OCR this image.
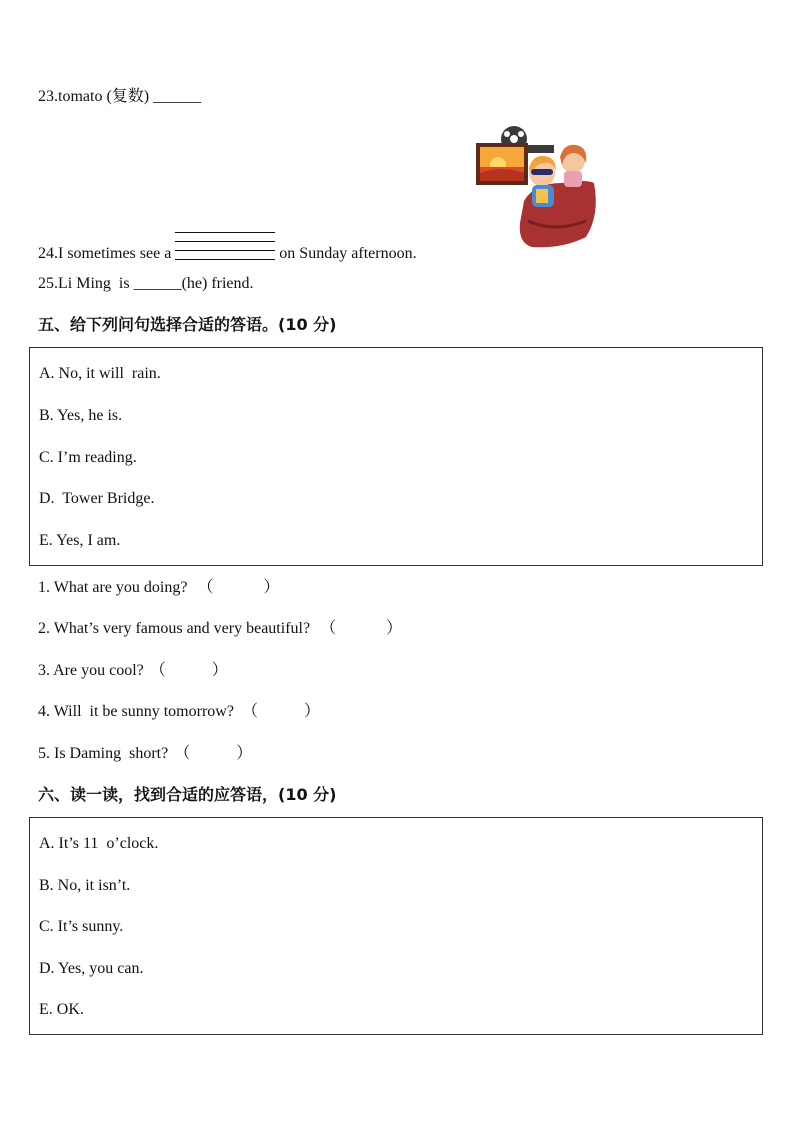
23.tomato (复数) ______
24.I sometimes see a	on Sunday afternoon.
25.Li Ming  is ______(he) friend.
五、给下列问句选择合适的答语。(10 分)
A. No, it will  rain.
B. Yes, he is.
C. I’m reading.
D.  Tower Bridge.
E. Yes, I am.
1. What are you doing? （	）
2. What’s very famous and very beautiful? （	）
3. Are you cool? （	）
4. Will  it be sunny tomorrow? （	）
5. Is Daming  short? （	）
六、读一读，找到合适的应答语，(10 分)
A. It’s 11  o’clock.
B. No, it isn’t.
C. It’s sunny.
D. Yes, you can.
E. OK.
